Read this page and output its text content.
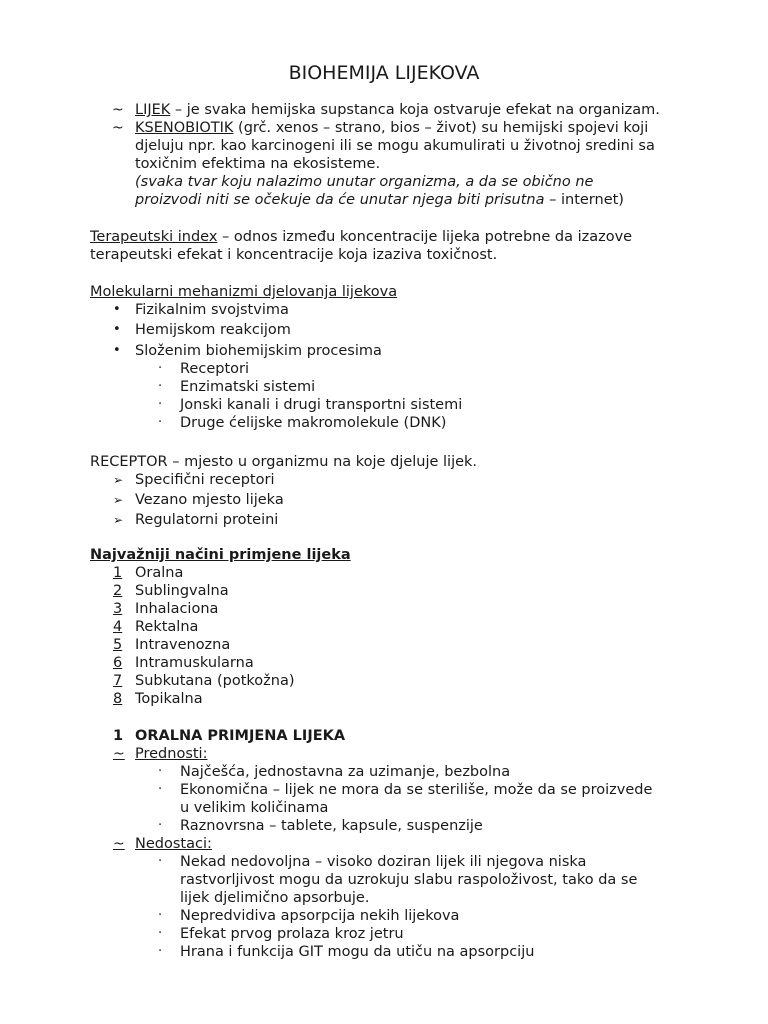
BIOHEMIJA LIJEKOVA
~ LIJEK – je svaka hemijska supstanca koja ostvaruje efekat na organizam.
~ KSENOBIOTIK (grč. xenos – strano, bios – život) su hemijski spojevi koji
djeluju npr. kao karcinogeni ili se mogu akumulirati u životnoj sredini sa
toxičnim efektima na ekosisteme.
(svaka tvar koju nalazimo unutar organizma, a da se obično ne
proizvodi niti se očekuje da će unutar njega biti prisutna – internet)
Terapeutski index – odnos između koncentracije lijeka potrebne da izazove
terapeutski efekat i koncentracije koja izaziva toxičnost.
Molekularni mehanizmi djelovanja lijekova
• Fizikalnim svojstvima
• Hemijskom reakcijom
• Složenim biohemijskim procesima
· Receptori
· Enzimatski sistemi
· Jonski kanali i drugi transportni sistemi
· Druge ćelijske makromolekule (DNK)
RECEPTOR – mjesto u organizmu na koje djeluje lijek.
➢ Specifični receptori
➢ Vezano mjesto lijeka
➢ Regulatorni proteini
Najvažniji načini primjene lijeka
1 Oralna
2 Sublingvalna
3 Inhalaciona
4 Rektalna
5 Intravenozna
6 Intramuskularna
7 Subkutana (potkožna)
8 Topikalna
1 ORALNA PRIMJENA LIJEKA
~ Prednosti:
· Najčešća, jednostavna za uzimanje, bezbolna
· Ekonomična – lijek ne mora da se steriliše, može da se proizvede
u velikim količinama
· Raznovrsna – tablete, kapsule, suspenzije
~ Nedostaci:
· Nekad nedovoljna – visoko doziran lijek ili njegova niska
rastvorljivost mogu da uzrokuju slabu raspoloživost, tako da se
lijek djelimično apsorbuje.
· Nepredvidiva apsorpcija nekih lijekova
· Efekat prvog prolaza kroz jetru
· Hrana i funkcija GIT mogu da utiču na apsorpciju
